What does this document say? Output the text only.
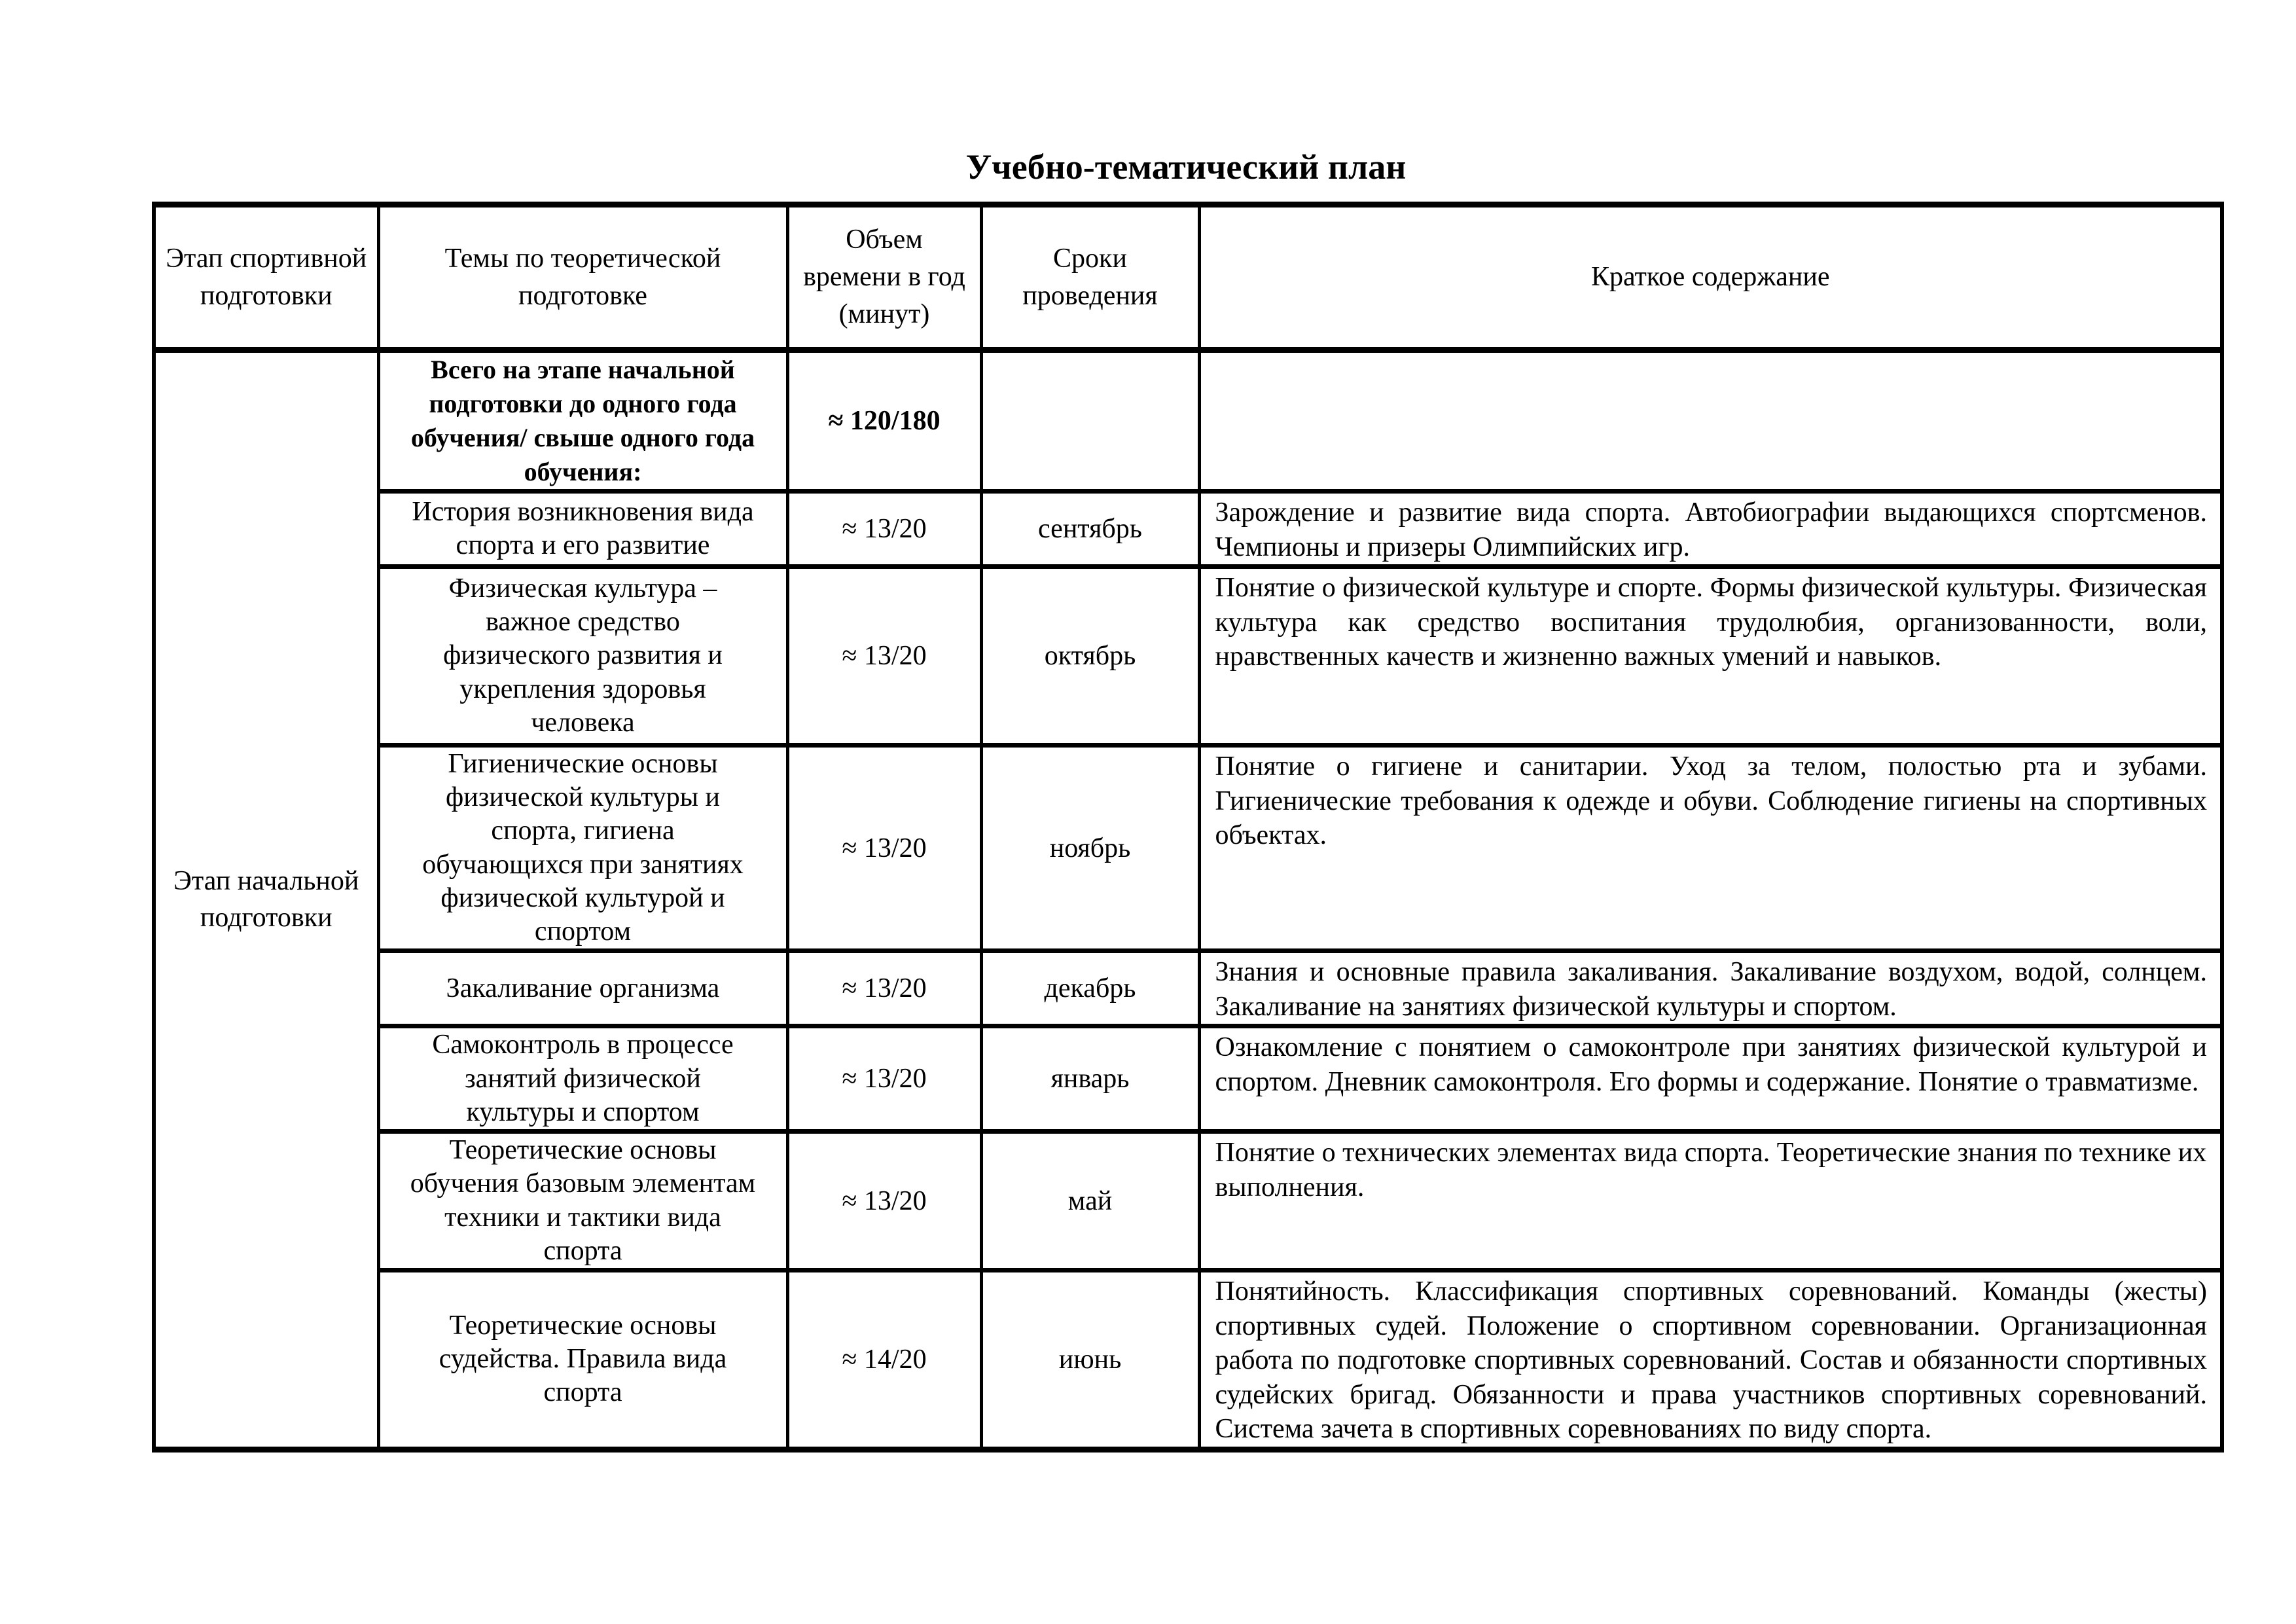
Учебно-тематический план
Этап спортивной подготовки	Темы по теоретической подготовке	Объем времени в год (минут)	Сроки проведения	Краткое содержание
Этап начальной подготовки	Всего на этапе начальной подготовки до одного года обучения/ свыше одного года обучения:	≈ 120/180		
	История возникновения вида спорта и его развитие	≈ 13/20	сентябрь	Зарождение и развитие вида спорта. Автобиографии выдающихся спортсменов. Чемпионы и призеры Олимпийских игр.
	Физическая культура – важное средство физического развития и укрепления здоровья человека	≈ 13/20	октябрь	Понятие о физической культуре и спорте. Формы физической культуры. Физическая культура как средство воспитания трудолюбия, организованности, воли, нравственных качеств и жизненно важных умений и навыков.
	Гигиенические основы физической культуры и спорта, гигиена обучающихся при занятиях физической культурой и спортом	≈ 13/20	ноябрь	Понятие о гигиене и санитарии. Уход за телом, полостью рта и зубами. Гигиенические требования к одежде и обуви. Соблюдение гигиены на спортивных объектах.
	Закаливание организма	≈ 13/20	декабрь	Знания и основные правила закаливания. Закаливание воздухом, водой, солнцем. Закаливание на занятиях физической культуры и спортом.
	Самоконтроль в процессе занятий физической культуры и спортом	≈ 13/20	январь	Ознакомление с понятием о самоконтроле при занятиях физической культурой и спортом. Дневник самоконтроля. Его формы и содержание. Понятие о травматизме.
	Теоретические основы обучения базовым элементам техники и тактики вида спорта	≈ 13/20	май	Понятие о технических элементах вида спорта. Теоретические знания по технике их выполнения.
	Теоретические основы судейства. Правила вида спорта	≈ 14/20	июнь	Понятийность. Классификация спортивных соревнований. Команды (жесты) спортивных судей. Положение о спортивном соревновании. Организационная работа по подготовке спортивных соревнований. Состав и обязанности спортивных судейских бригад. Обязанности и права участников спортивных соревнований. Система зачета в спортивных соревнованиях по виду спорта.
